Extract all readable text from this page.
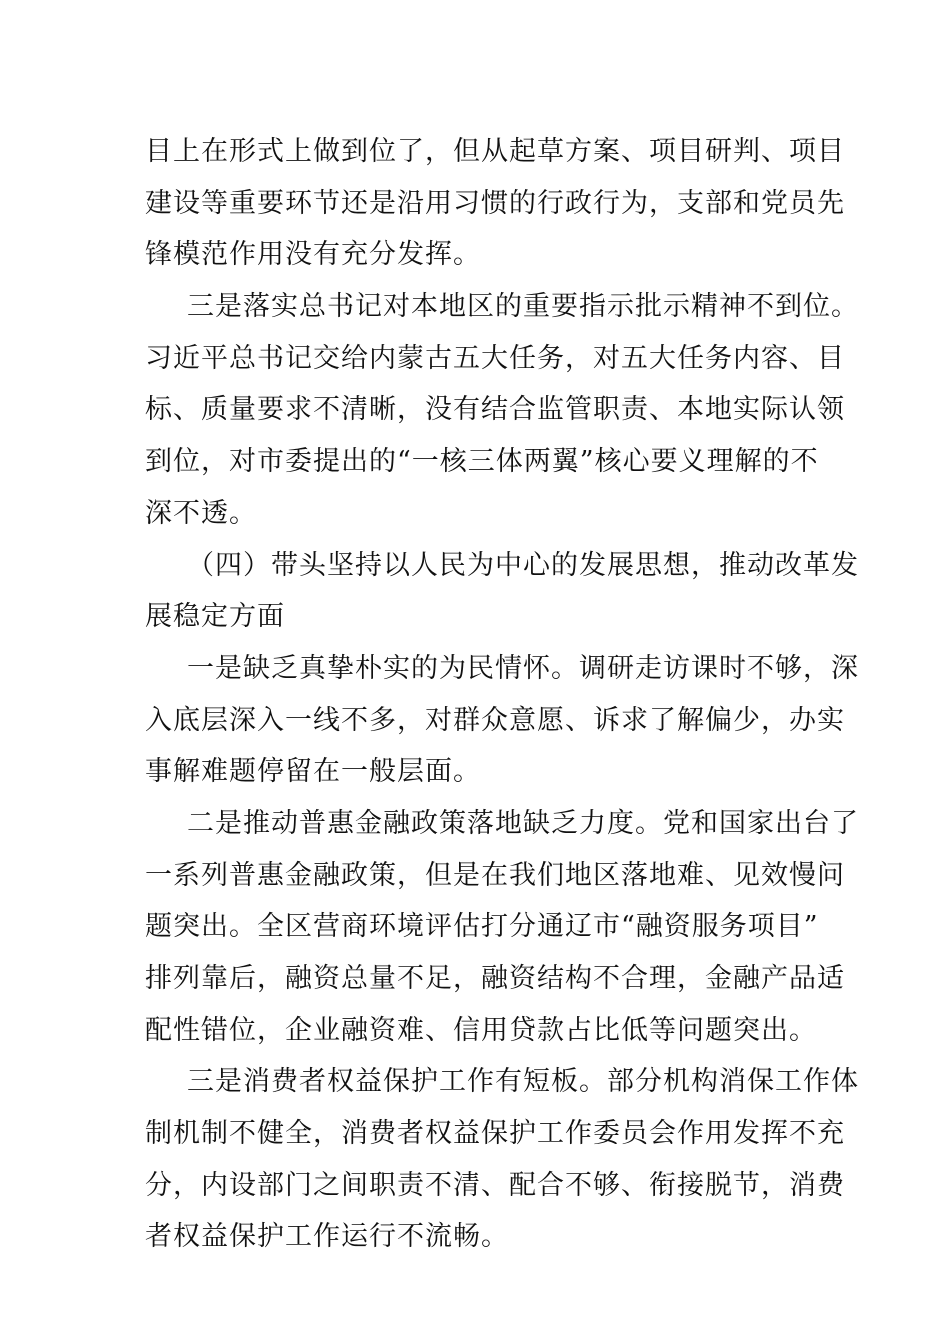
目上在形式上做到位了，但从起草方案、项目研判、项目
建设等重要环节还是沿用习惯的行政行为，支部和党员先
锋模范作用没有充分发挥。
三是落实总书记对本地区的重要指示批示精神不到位。
习近平总书记交给内蒙古五大任务，对五大任务内容、目
标、质量要求不清晰，没有结合监管职责、本地实际认领
到位，对市委提出的“一核三体两翼”核心要义理解的不
深不透。
（四）带头坚持以人民为中心的发展思想，推动改革发
展稳定方面
一是缺乏真挚朴实的为民情怀。调研走访课时不够，深
入底层深入一线不多，对群众意愿、诉求了解偏少，办实
事解难题停留在一般层面。
二是推动普惠金融政策落地缺乏力度。党和国家出台了
一系列普惠金融政策，但是在我们地区落地难、见效慢问
题突出。全区营商环境评估打分通辽市“融资服务项目”
排列靠后，融资总量不足，融资结构不合理，金融产品适
配性错位，企业融资难、信用贷款占比低等问题突出。
三是消费者权益保护工作有短板。部分机构消保工作体
制机制不健全，消费者权益保护工作委员会作用发挥不充
分，内设部门之间职责不清、配合不够、衔接脱节，消费
者权益保护工作运行不流畅。
